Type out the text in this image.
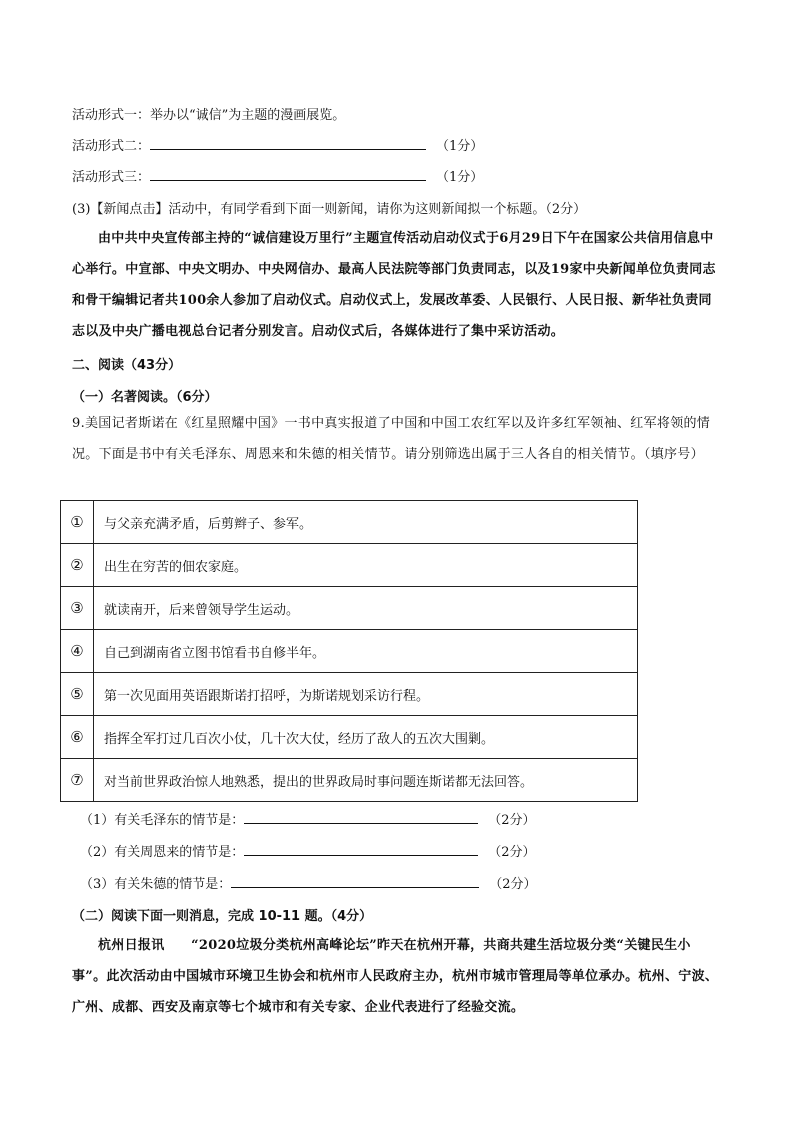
活动形式一：举办以“诚信”为主题的漫画展览。
活动形式二：	（1分）
活动形式三：	（1分）
(3)【新闻点击】活动中，有同学看到下面一则新闻，请你为这则新闻拟一个标题。（2分）
由中共中央宣传部主持的“诚信建设万里行”主题宣传活动启动仪式于6月29日下午在国家公共信用信息中心举行。中宣部、中央文明办、中央网信办、最高人民法院等部门负责同志，以及19家中央新闻单位负责同志和骨干编辑记者共100余人参加了启动仪式。启动仪式上，发展改革委、人民银行、人民日报、新华社负责同志以及中央广播电视总台记者分别发言。启动仪式后，各媒体进行了集中采访活动。
二、阅读（43分）
（一）名著阅读。（6分）
9.美国记者斯诺在《红星照耀中国》一书中真实报道了中国和中国工农红军以及许多红军领袖、红军将领的情况。下面是书中有关毛泽东、周恩来和朱德的相关情节。请分别筛选出属于三人各自的相关情节。（填序号）
①	与父亲充满矛盾，后剪辫子、参军。
②	出生在穷苦的佃农家庭。
③	就读南开，后来曾领导学生运动。
④	自己到湖南省立图书馆看书自修半年。
⑤	第一次见面用英语跟斯诺打招呼，为斯诺规划采访行程。
⑥	指挥全军打过几百次小仗，几十次大仗，经历了敌人的五次大围剿。
⑦	对当前世界政治惊人地熟悉，提出的世界政局时事问题连斯诺都无法回答。
（1）有关毛泽东的情节是：	（2分）
（2）有关周恩来的情节是：	（2分）
（3）有关朱德的情节是：	（2分）
（二）阅读下面一则消息，完成 10-11 题。（4分）
杭州日报讯　　“2020垃圾分类杭州高峰论坛”昨天在杭州开幕，共商共建生活垃圾分类“关键民生小事”。此次活动由中国城市环境卫生协会和杭州市人民政府主办，杭州市城市管理局等单位承办。杭州、宁波、广州、成都、西安及南京等七个城市和有关专家、企业代表进行了经验交流。
